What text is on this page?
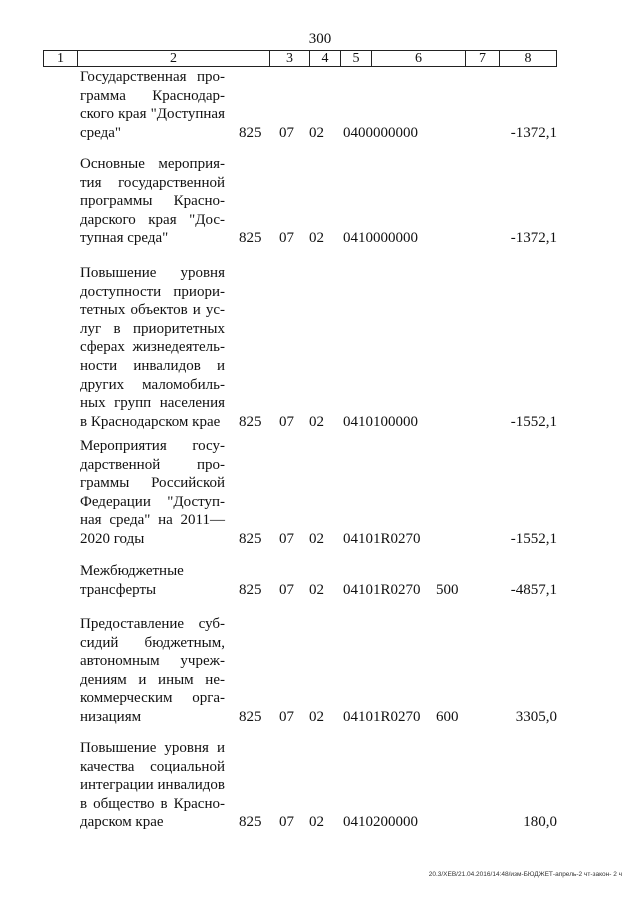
300
1	2	3	4	5	6	7	8
Государственная про-
грамма Краснодар-
ского края "Доступная
среда"	825 07 02 0400000000	-1372,1
Основные мероприя-
тия государственной
программы Красно-
дарского края "Дос-
тупная среда"	825 07 02 0410000000	-1372,1
Повышение уровня
доступности приори-
тетных объектов и ус-
луг в приоритетных
сферах жизнедеятель-
ности инвалидов и
других маломобиль-
ных групп населения
в Краснодарском крае	825 07 02 0410100000	-1552,1
Мероприятия госу-
дарственной про-
граммы Российской
Федерации "Доступ-
ная среда" на 2011—
2020 годы	825 07 02 04101R0270	-1552,1
Межбюджетные
трансферты	825 07 02 04101R0270 500	-4857,1
Предоставление суб-
сидий бюджетным,
автономным учреж-
дениям и иным не-
коммерческим орга-
низациям	825 07 02 04101R0270 600	3305,0
Повышение уровня и
качества социальной
интеграции инвалидов
в общество в Красно-
дарском крае	825 07 02 0410200000	180,0
20.3/ХЕВ/21.04.2016/14:48/изм-БЮДЖЕТ-апрель-2 чт-закон- 2 ч
